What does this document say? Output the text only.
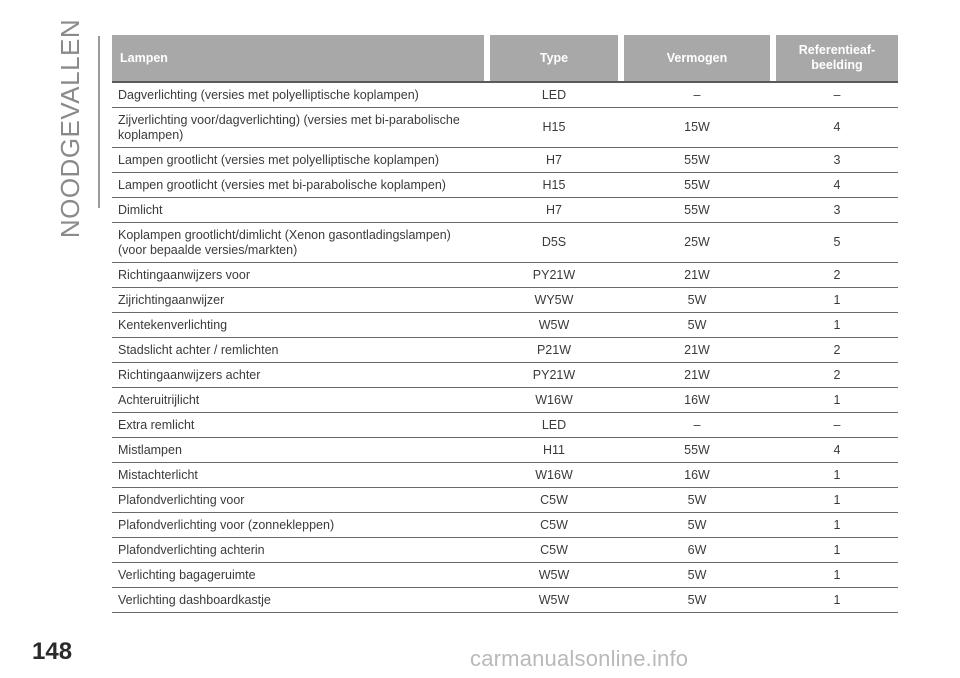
NOODGEVALLEN	Lampen		Type		Vermogen		Referentieaf-
beelding
Dagverlichting (versies met polyelliptische koplampen)		LED		–		–
Zijverlichting voor/dagverlichting) (versies met bi-parabolische
koplampen)		H15		15W		4
Lampen grootlicht (versies met polyelliptische koplampen)		H7		55W		3
Lampen grootlicht (versies met bi-parabolische koplampen)		H15		55W		4
Dimlicht		H7		55W		3
Koplampen grootlicht/dimlicht (Xenon gasontladingslampen)
(voor bepaalde versies/markten)		D5S		25W		5
Richtingaanwijzers voor		PY21W		21W		2
Zijrichtingaanwijzer		WY5W		5W		1
Kentekenverlichting		W5W		5W		1
Stadslicht achter / remlichten		P21W		21W		2
Richtingaanwijzers achter		PY21W		21W		2
Achteruitrijlicht		W16W		16W		1
Extra remlicht		LED		–		–
Mistlampen		H11		55W		4
Mistachterlicht		W16W		16W		1
Plafondverlichting voor		C5W		5W		1
Plafondverlichting voor (zonnekleppen)		C5W		5W		1
Plafondverlichting achterin		C5W		6W		1
Verlichting bagageruimte		W5W		5W		1
Verlichting dashboardkastje		W5W		5W		1
148	carmanualsonline.info
